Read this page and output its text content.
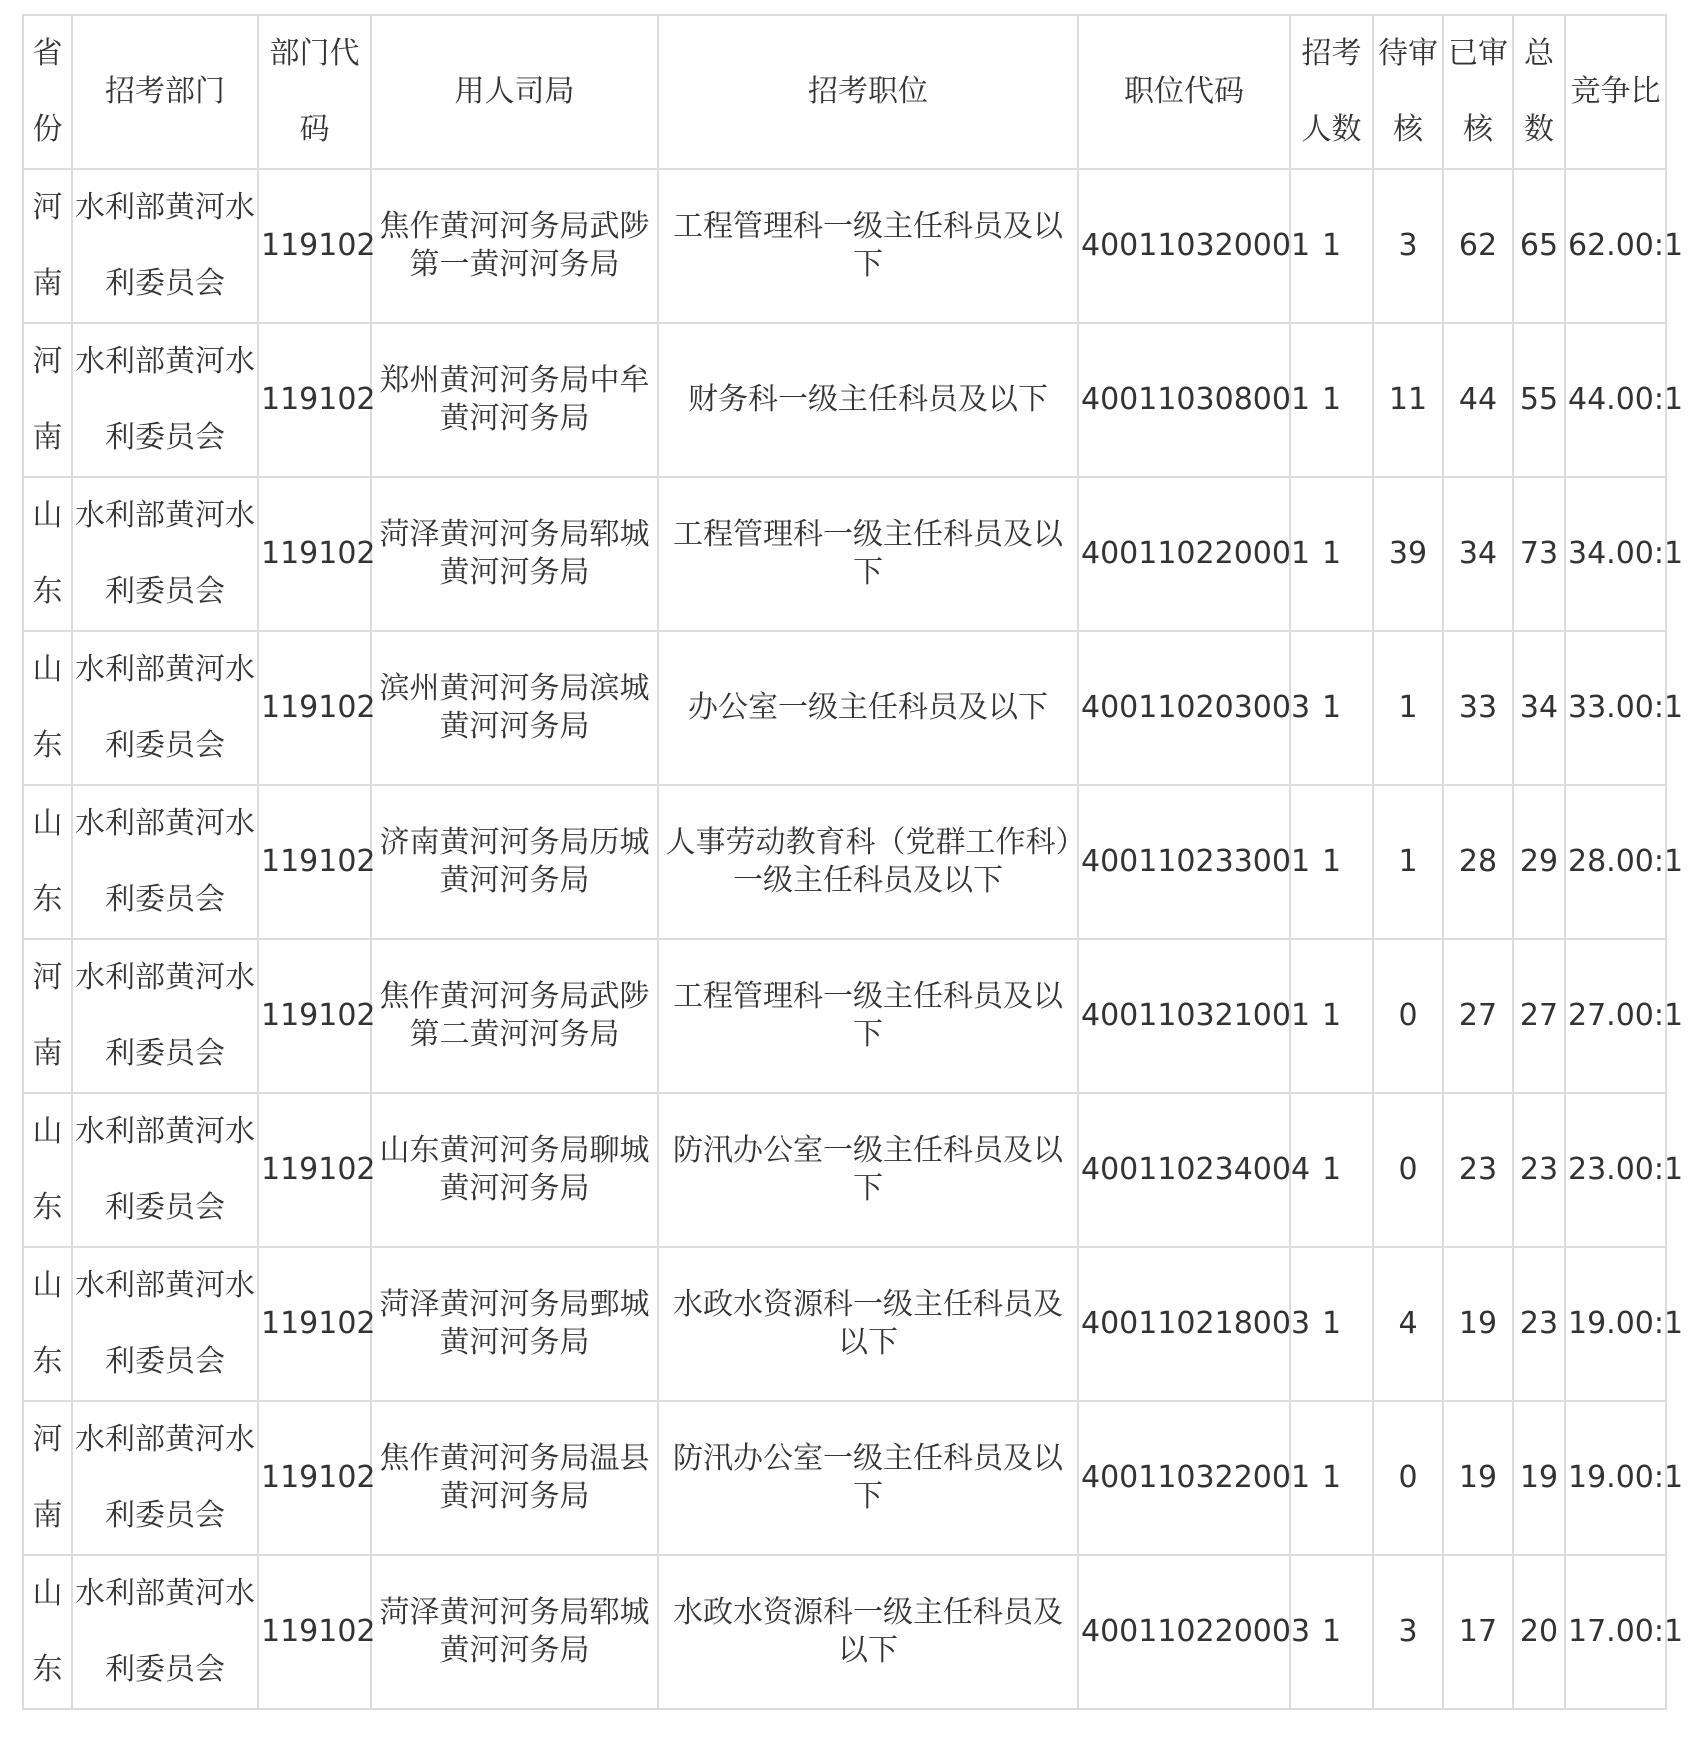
省份	招考部门	部门代码	用人司局	招考职位	职位代码	招考人数	待审核	已审核	总数	竞争比
河南	水利部黄河水利委员会	119102	焦作黄河河务局武陟第一黄河河务局	工程管理科一级主任科员及以下	400110320001	1	3	62	65	62.00:1
河南	水利部黄河水利委员会	119102	郑州黄河河务局中牟黄河河务局	财务科一级主任科员及以下	400110308001	1	11	44	55	44.00:1
山东	水利部黄河水利委员会	119102	菏泽黄河河务局郓城黄河河务局	工程管理科一级主任科员及以下	400110220001	1	39	34	73	34.00:1
山东	水利部黄河水利委员会	119102	滨州黄河河务局滨城黄河河务局	办公室一级主任科员及以下	400110203003	1	1	33	34	33.00:1
山东	水利部黄河水利委员会	119102	济南黄河河务局历城黄河河务局	人事劳动教育科（党群工作科）一级主任科员及以下	400110233001	1	1	28	29	28.00:1
河南	水利部黄河水利委员会	119102	焦作黄河河务局武陟第二黄河河务局	工程管理科一级主任科员及以下	400110321001	1	0	27	27	27.00:1
山东	水利部黄河水利委员会	119102	山东黄河河务局聊城黄河河务局	防汛办公室一级主任科员及以下	400110234004	1	0	23	23	23.00:1
山东	水利部黄河水利委员会	119102	菏泽黄河河务局鄄城黄河河务局	水政水资源科一级主任科员及以下	400110218003	1	4	19	23	19.00:1
河南	水利部黄河水利委员会	119102	焦作黄河河务局温县黄河河务局	防汛办公室一级主任科员及以下	400110322001	1	0	19	19	19.00:1
山东	水利部黄河水利委员会	119102	菏泽黄河河务局郓城黄河河务局	水政水资源科一级主任科员及以下	400110220003	1	3	17	20	17.00:1
